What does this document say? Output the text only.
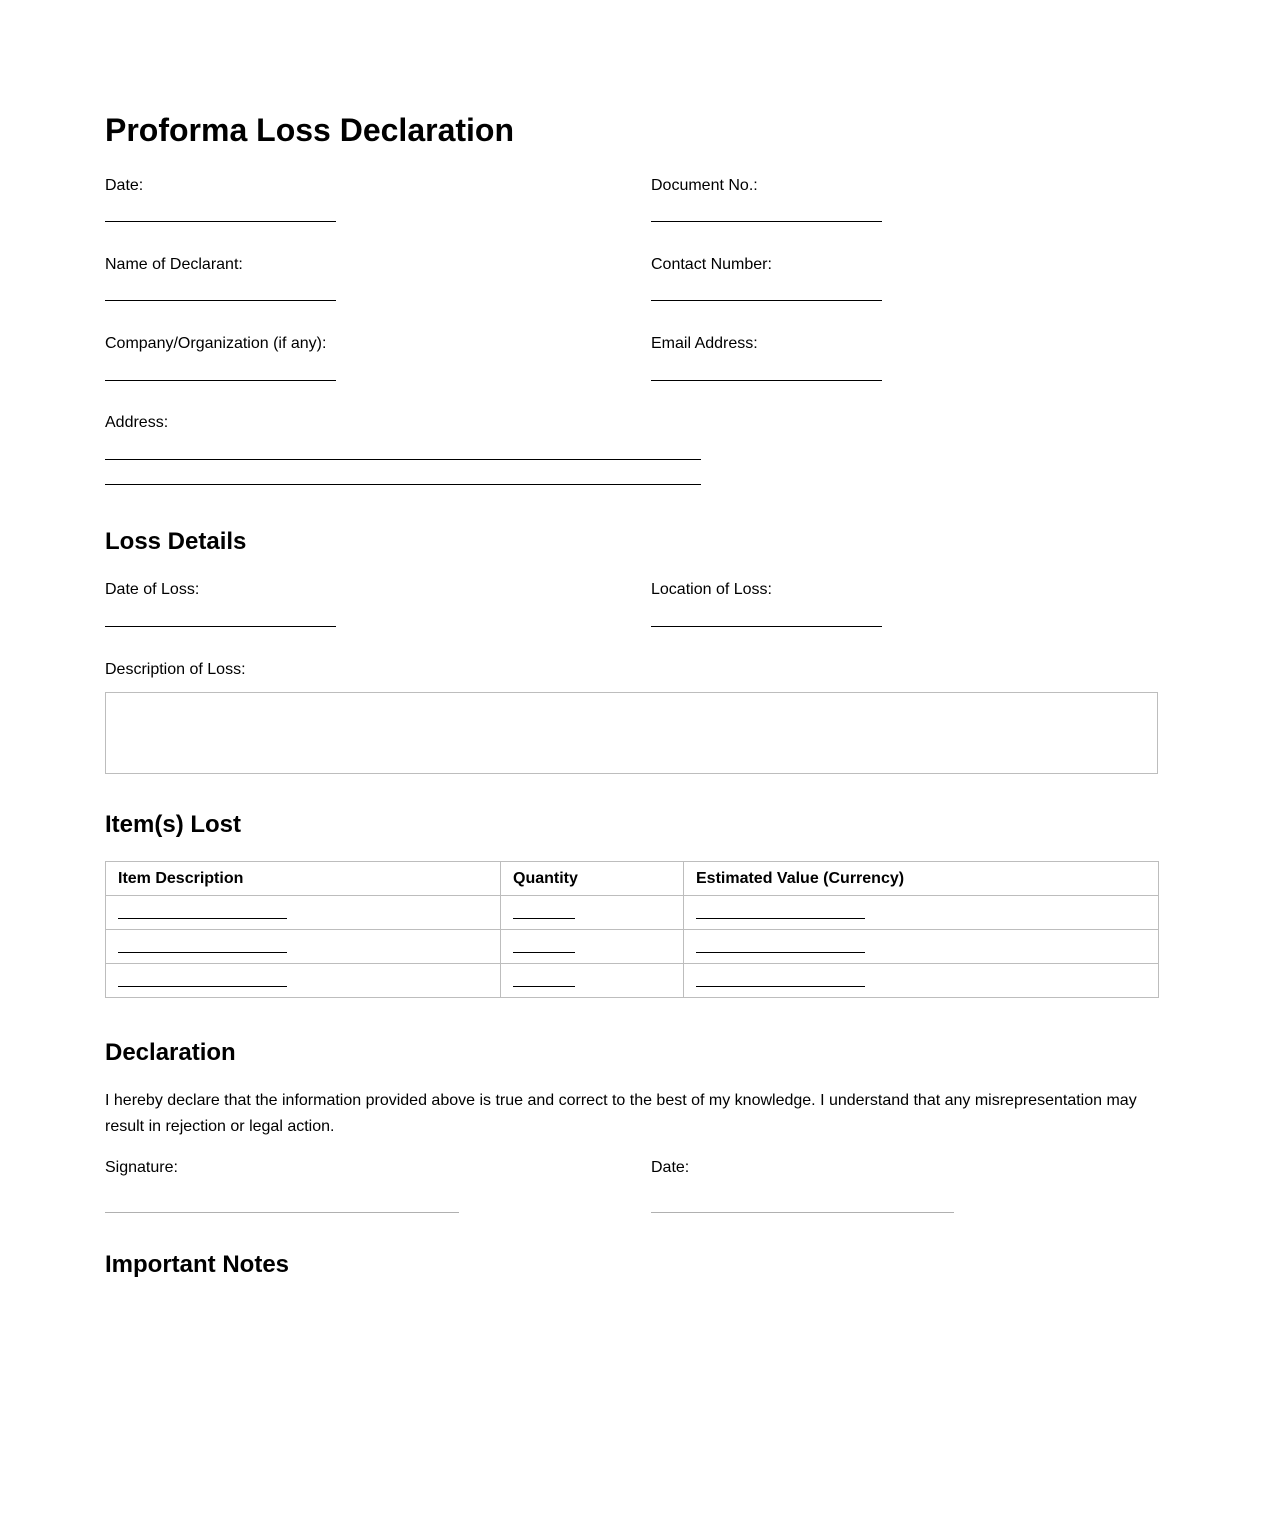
Proforma Loss Declaration
Date:	Document No.:
Name of Declarant:	Contact Number:
Company/Organization (if any):	Email Address:
Address:
Loss Details
Date of Loss:	Location of Loss:
Description of Loss:
Item(s) Lost
Item Description	Quantity	Estimated Value (Currency)

Declaration

I hereby declare that the information provided above is true and correct to the best of my knowledge. I understand that any misrepresentation may result in rejection or legal action.

Signature:	Date:
Important Notes
